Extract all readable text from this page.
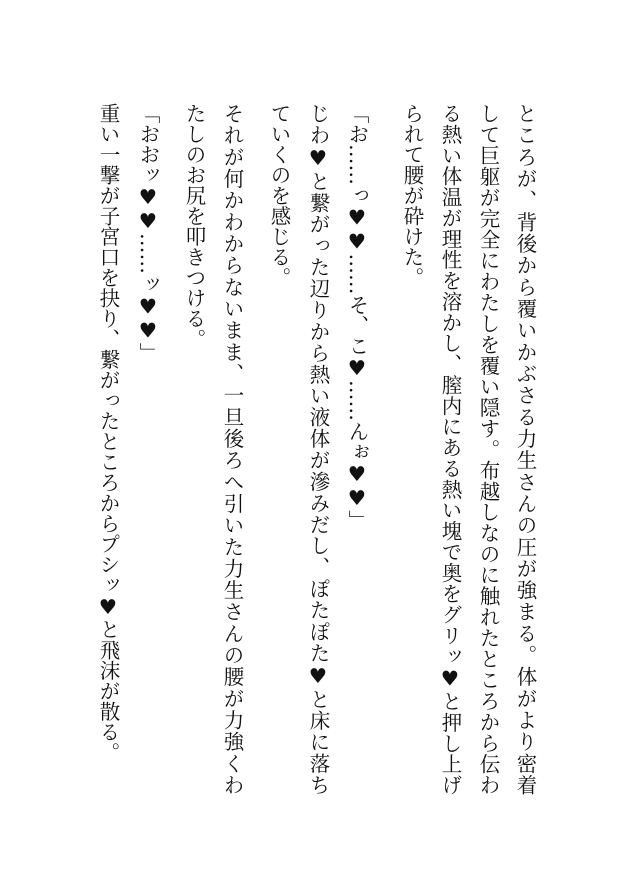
ところが、背後から覆いかぶさる力生さんの圧が強まる。体がより密着
して巨躯が完全にわたしを覆い隠す。布越しなのに触れたところから伝わ
る熱い体温が理性を溶かし、膣内にある熱い塊で奥をグリッ♥と押し上げ
られて腰が砕けた。
「お……っ♥♥……そ、こ♥……んぉ♥♥」
じわ♥と繋がった辺りから熱い液体が滲みだし、ぽたぽた♥と床に落ち
ていくのを感じる。
それが何かわからないまま、一旦後ろへ引いた力生さんの腰が力強くわ
たしのお尻を叩きつける。
「おおッ♥♥……ッ♥♥」
重い一撃が子宮口を抉り、繋がったところからプシッ♥と飛沫が散る。
